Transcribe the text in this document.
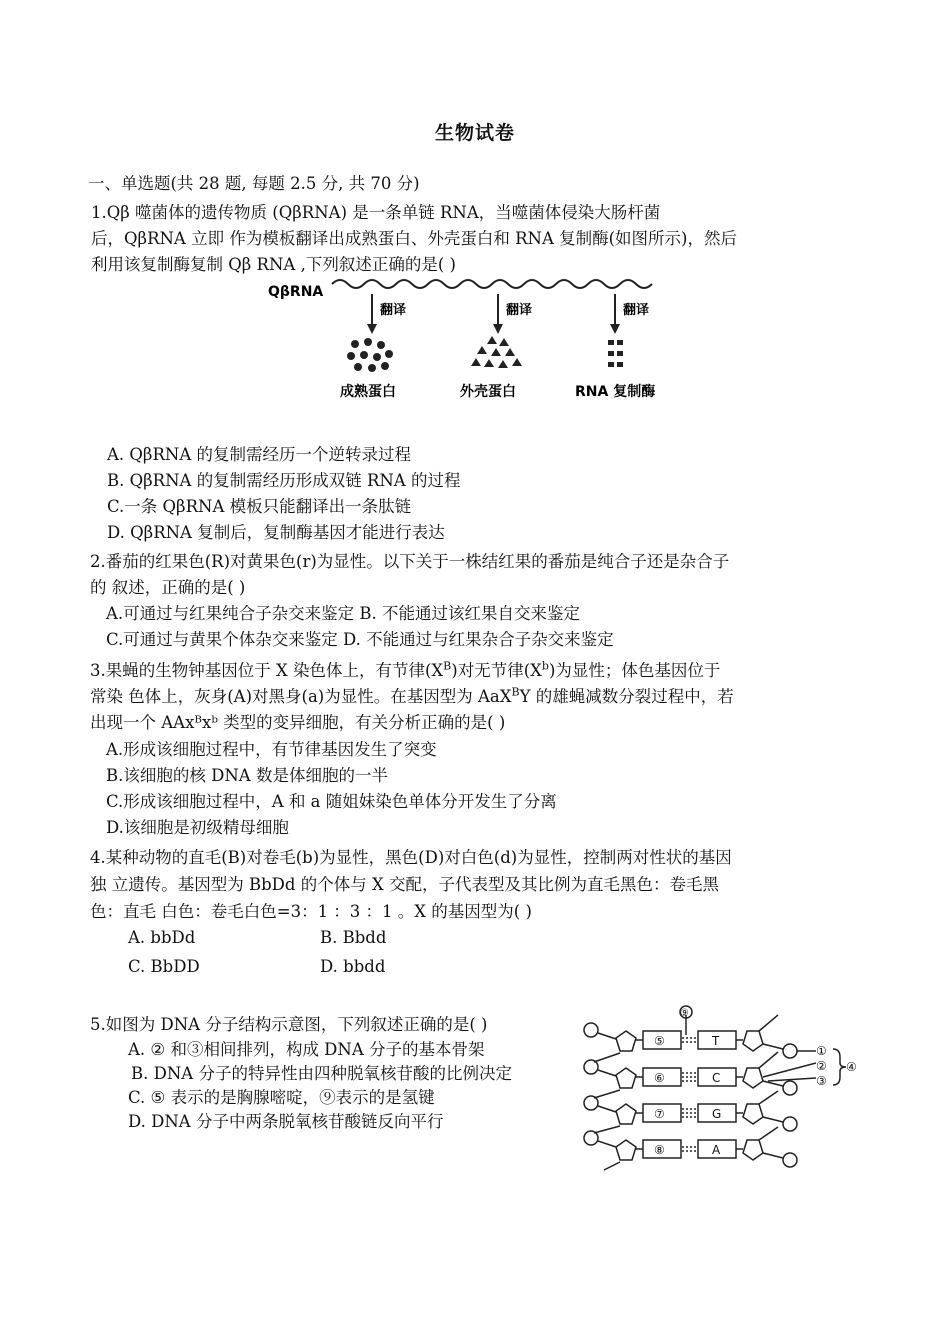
生物试卷
一、单选题(共 28 题, 每题 2.5 分, 共 70 分)
1.Qβ 噬菌体的遗传物质 (QβRNA) 是一条单链 RNA，当噬菌体侵染大肠杆菌
后，QβRNA 立即 作为模板翻译出成熟蛋白、外壳蛋白和 RNA 复制酶(如图所示)，然后
利用该复制酶复制 Qβ RNA ,下列叙述正确的是( )
QβRNA
翻译	翻译	翻译
成熟蛋白	外壳蛋白	RNA 复制酶
A. QβRNA 的复制需经历一个逆转录过程
B. QβRNA 的复制需经历形成双链 RNA 的过程
C.一条 QβRNA 模板只能翻译出一条肽链
D. QβRNA 复制后，复制酶基因才能进行表达
2.番茄的红果色(R)对黄果色(r)为显性。以下关于一株结红果的番茄是纯合子还是杂合子
的 叙述，正确的是( )
A.可通过与红果纯合子杂交来鉴定 B. 不能通过该红果自交来鉴定
C.可通过与黄果个体杂交来鉴定 D. 不能通过与红果杂合子杂交来鉴定
3.果蝇的生物钟基因位于 X 染色体上，有节律$(X^B)$对无节律$(X^b)$为显性；体色基因位于
常染 色体上，灰身(A)对黑身(a)为显性。在基因型为 AaX$^B$Y 的雄蝇减数分裂过程中，若
出现一个 AAxᴮxᵇ 类型的变异细胞，有关分析正确的是( )
A.形成该细胞过程中，有节律基因发生了突变
B.该细胞的核 DNA 数是体细胞的一半
C.形成该细胞过程中，A 和 a 随姐妹染色单体分开发生了分离
D.该细胞是初级精母细胞
4.某种动物的直毛(B)对卷毛(b)为显性，黑色(D)对白色(d)为显性，控制两对性状的基因
独 立遗传。基因型为 BbDd 的个体与 X 交配，子代表型及其比例为直毛黑色：卷毛黑
色：直毛 白色：卷毛白色=3：1 ：3 ：1 。X 的基因型为( )
A. bbDd	B. Bbdd
C. BbDD	D. bbdd
5.如图为 DNA 分子结构示意图，下列叙述正确的是( )
A. ② 和③相间排列，构成 DNA 分子的基本骨架
B. DNA 分子的特异性由四种脱氧核苷酸的比例决定
C. ⑤ 表示的是胸腺嘧啶，⑨表示的是氢键
D. DNA 分子中两条脱氧核苷酸链反向平行
⑤
⑥
⑦
⑧
T
C
G
A
⑨
①
②
③
④
